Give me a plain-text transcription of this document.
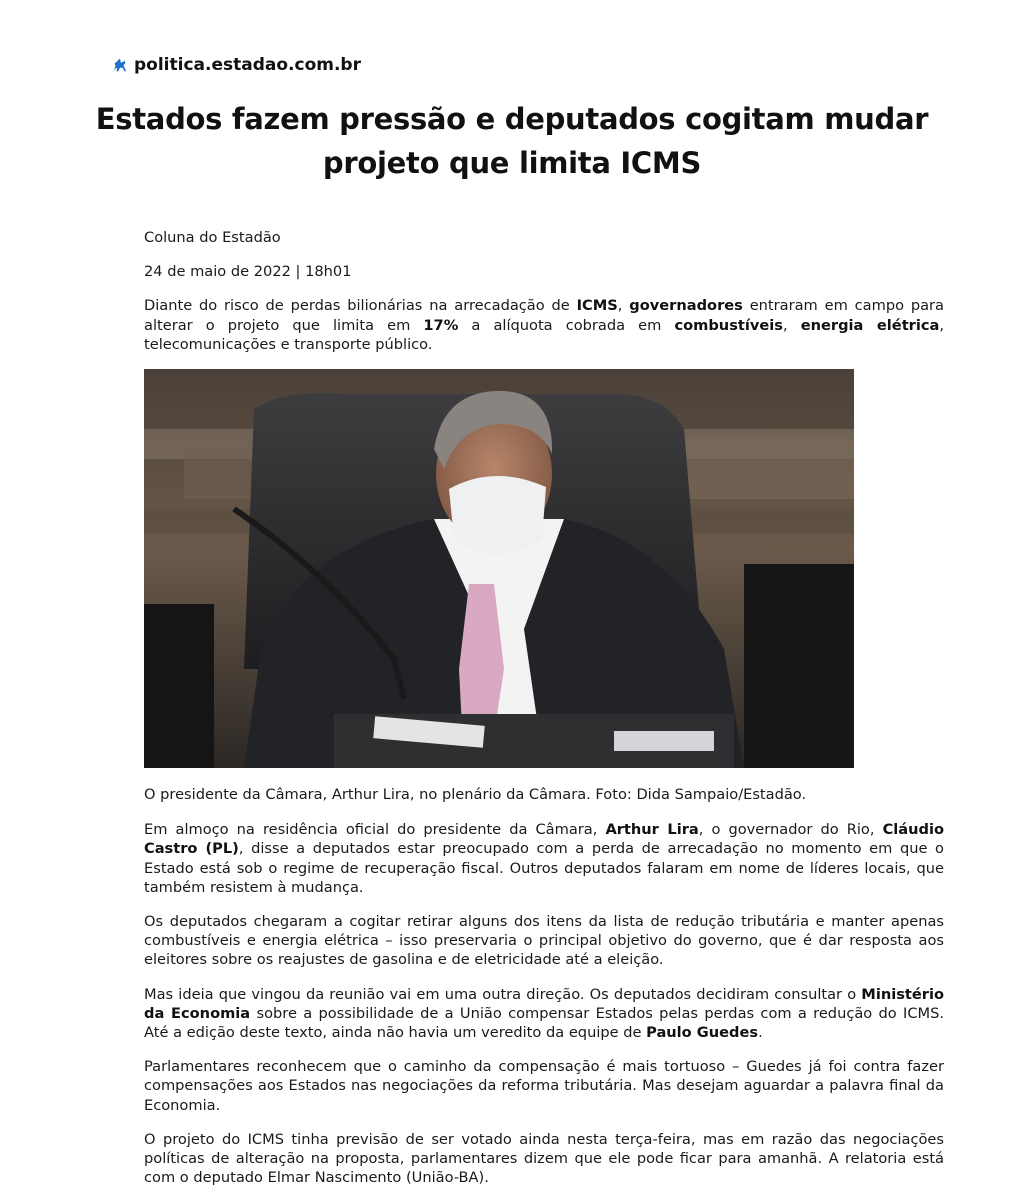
politica.estadao.com.br
Estados fazem pressão e deputados cogitam mudar projeto que limita ICMS

Coluna do Estadão

24 de maio de 2022 | 18h01

Diante do risco de perdas bilionárias na arrecadação de ICMS, governadores entraram em campo para alterar o projeto que limita em 17% a alíquota cobrada em combustíveis, energia elétrica, telecomunicações e transporte público.

O presidente da Câmara, Arthur Lira, no plenário da Câmara. Foto: Dida Sampaio/Estadão.

Em almoço na residência oficial do presidente da Câmara, Arthur Lira, o governador do Rio, Cláudio Castro (PL), disse a deputados estar preocupado com a perda de arrecadação no momento em que o Estado está sob o regime de recuperação fiscal. Outros deputados falaram em nome de líderes locais, que também resistem à mudança.

Os deputados chegaram a cogitar retirar alguns dos itens da lista de redução tributária e manter apenas combustíveis e energia elétrica – isso preservaria o principal objetivo do governo, que é dar resposta aos eleitores sobre os reajustes de gasolina e de eletricidade até a eleição.

Mas ideia que vingou da reunião vai em uma outra direção. Os deputados decidiram consultar o Ministério da Economia sobre a possibilidade de a União compensar Estados pelas perdas com a redução do ICMS. Até a edição deste texto, ainda não havia um veredito da equipe de Paulo Guedes.

Parlamentares reconhecem que o caminho da compensação é mais tortuoso – Guedes já foi contra fazer compensações aos Estados nas negociações da reforma tributária. Mas desejam aguardar a palavra final da Economia.

O projeto do ICMS tinha previsão de ser votado ainda nesta terça-feira, mas em razão das negociações políticas de alteração na proposta, parlamentares dizem que ele pode ficar para amanhã. A relatoria está com o deputado Elmar Nascimento (União-BA).
